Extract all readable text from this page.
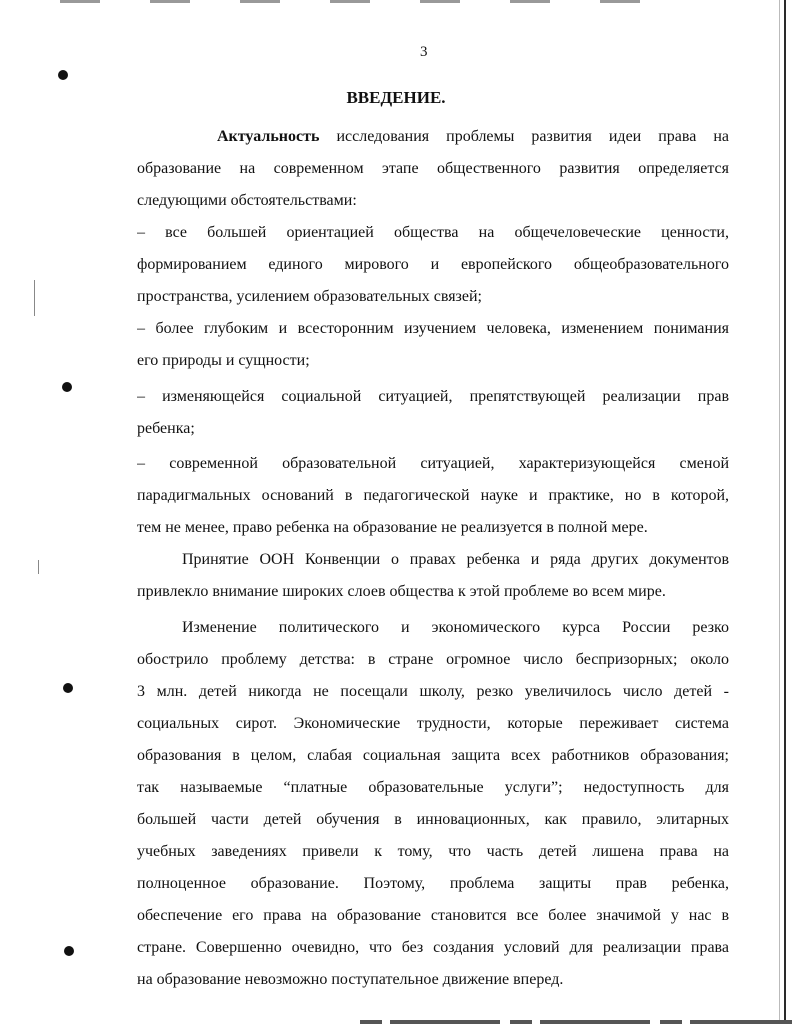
3
ВВЕДЕНИЕ.
Актуальность исследования проблемы развития идеи права на
образование на современном этапе общественного развития определяется
следующими обстоятельствами:
– все большей ориентацией общества на общечеловеческие ценности,
формированием единого мирового и европейского общеобразовательного
пространства, усилением образовательных связей;
– более глубоким и всесторонним изучением человека, изменением понимания
его природы и сущности;
– изменяющейся социальной ситуацией, препятствующей реализации прав
ребенка;
– современной образовательной ситуацией, характеризующейся сменой
парадигмальных оснований в педагогической науке и практике, но в которой,
тем не менее, право ребенка на образование не реализуется в полной мере.
Принятие ООН Конвенции о правах ребенка и ряда других документов
привлекло внимание широких слоев общества к этой проблеме во всем мире.
Изменение политического и экономического курса России резко
обострило проблему детства: в стране огромное число беспризорных; около
3 млн. детей никогда не посещали школу, резко увеличилось число детей -
социальных сирот. Экономические трудности, которые переживает система
образования в целом, слабая социальная защита всех работников образования;
так называемые “платные образовательные услуги”; недоступность для
большей части детей обучения в инновационных, как правило, элитарных
учебных заведениях привели к тому, что часть детей лишена права на
полноценное образование. Поэтому, проблема защиты прав ребенка,
обеспечение его права на образование становится все более значимой у нас в
стране. Совершенно очевидно, что без создания условий для реализации права
на образование невозможно поступательное движение вперед.
